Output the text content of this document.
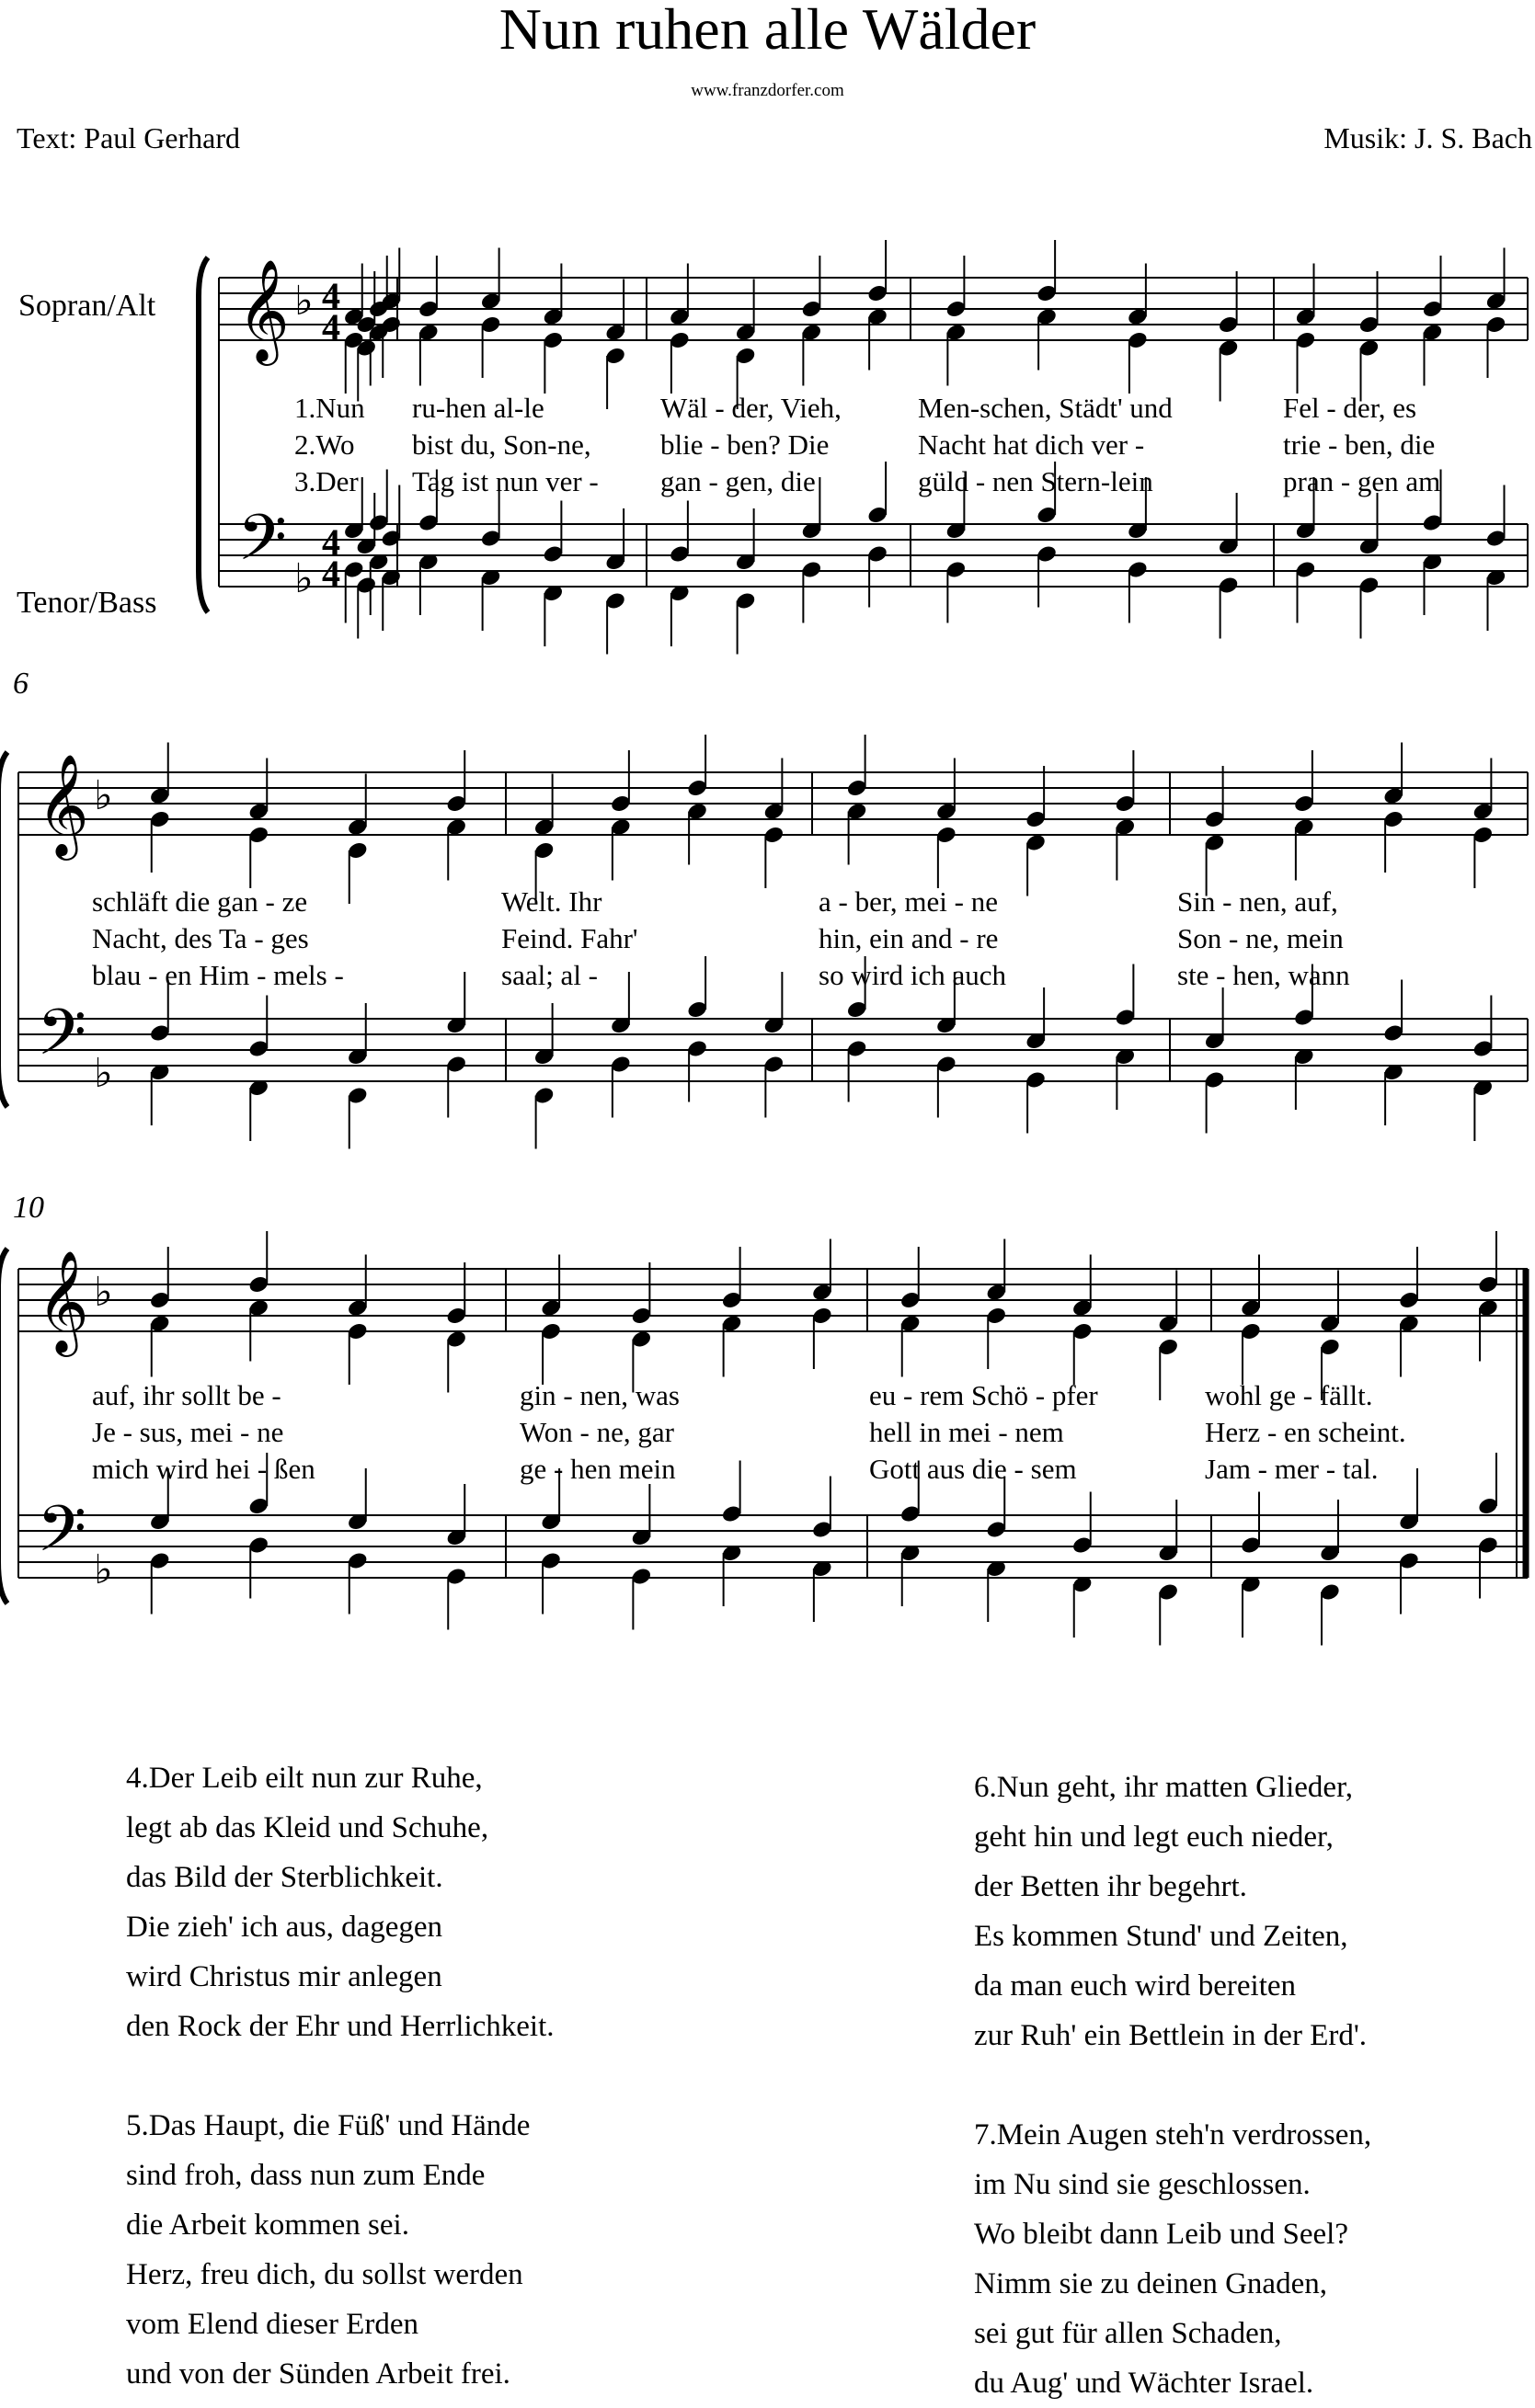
Nun ruhen alle Wälder
www.franzdorfer.com
Text: Paul Gerhard	Musik: J. S. Bach
Sopran/Alt
Tenor/Bass
6
10
𝄞
𝄢
♭
♭
4
4
4
4
𝄞
𝄢
♭
♭
𝄞
𝄢
♭
♭
1.Nun ru-hen al-le	Wäl - der, Vieh,	Men-schen, Städt' und	Fel - der, es
2.Wo bist du, Son-ne, blie - ben? Die	Nacht hat dich ver -	trie - ben, die
3.Der Tag ist nun ver - gan - gen, die	güld - nen Stern-lein	pran - gen am
schläft die gan - ze	Welt. Ihr	a - ber, mei - ne	Sin - nen, auf,
Nacht, des Ta - ges	Feind. Fahr'	hin, ein and - re	Son - ne, mein
blau - en Him - mels -	saal; al -	so wird ich auch	ste - hen, wann
auf, ihr sollt be -	gin - nen, was	eu - rem Schö - pfer	wohl ge - fällt.
Je - sus, mei - ne	Won - ne, gar	hell in mei - nem	Herz - en scheint.
mich wird hei - ßen	ge - hen mein	Gott aus die - sem	Jam - mer - tal.
4.Der Leib eilt nun zur Ruhe,
legt ab das Kleid und Schuhe,
das Bild der Sterblichkeit.
Die zieh' ich aus, dagegen
wird Christus mir anlegen
den Rock der Ehr und Herrlichkeit.
5.Das Haupt, die Füß' und Hände
sind froh, dass nun zum Ende
die Arbeit kommen sei.
Herz, freu dich, du sollst werden
vom Elend dieser Erden
und von der Sünden Arbeit frei.
6.Nun geht, ihr matten Glieder,
geht hin und legt euch nieder,
der Betten ihr begehrt.
Es kommen Stund' und Zeiten,
da man euch wird bereiten
zur Ruh' ein Bettlein in der Erd'.
7.Mein Augen steh'n verdrossen,
im Nu sind sie geschlossen.
Wo bleibt dann Leib und Seel?
Nimm sie zu deinen Gnaden,
sei gut für allen Schaden,
du Aug' und Wächter Israel.
